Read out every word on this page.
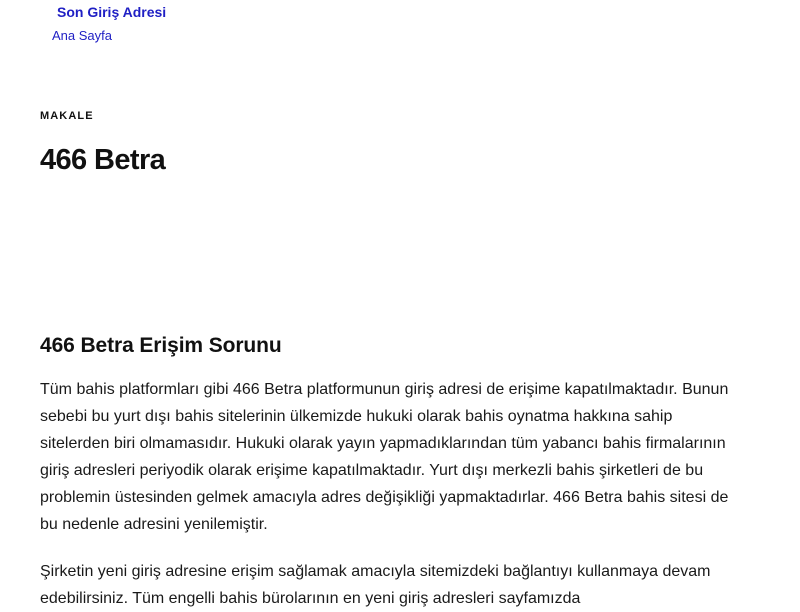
Son Giriş Adresi
Ana Sayfa
MAKALE
466 Betra
466 Betra Erişim Sorunu

Tüm bahis platformları gibi 466 Betra platformunun giriş adresi de erişime kapatılmaktadır. Bunun sebebi bu yurt dışı bahis sitelerinin ülkemizde hukuki olarak bahis oynatma hakkına sahip sitelerden biri olmamasıdır. Hukuki olarak yayın yapmadıklarından tüm yabancı bahis firmalarının giriş adresleri periyodik olarak erişime kapatılmaktadır. Yurt dışı merkezli bahis şirketleri de bu problemin üstesinden gelmek amacıyla adres değişikliği yapmaktadırlar. 466 Betra bahis sitesi de bu nedenle adresini yenilemiştir.

Şirketin yeni giriş adresine erişim sağlamak amacıyla sitemizdeki bağlantıyı kullanmaya devam edebilirsiniz. Tüm engelli bahis bürolarının en yeni giriş adresleri sayfamızda
